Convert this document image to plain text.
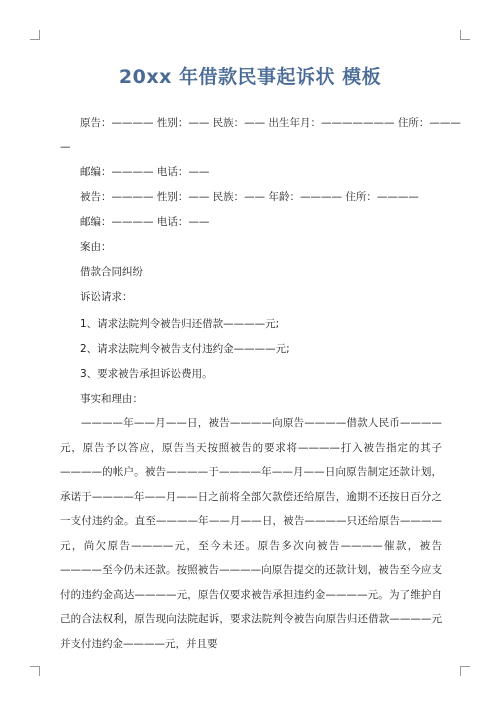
20xx 年借款民事起诉状 模板
原告：———— 性别：—— 民族：—— 出生年月：——————— 住所：———
—
邮编：———— 电话：——
被告：———— 性别：—— 民族：—— 年龄：———— 住所：————
邮编：———— 电话：——
案由：
借款合同纠纷
诉讼请求：
1、请求法院判令被告归还借款————元;
2、请求法院判令被告支付违约金————元;
3、要求被告承担诉讼费用。
事实和理由：
————年——月——日，被告————向原告————借款人民币————元，原告予以答应，原告当天按照被告的要求将————打入被告指定的其子————的帐户。被告————于————年——月——日向原告制定还款计划，承诺于————年——月——日之前将全部欠款偿还给原告，逾期不还按日百分之一支付违约金。直至————年——月——日，被告————只还给原告————元，尚欠原告————元，至今未还。原告多次向被告————催款，被告————至今仍未还款。按照被告————向原告提交的还款计划，被告至今应支付的违约金高达————元，原告仅要求被告承担违约金————元。为了维护自己的合法权利，原告现向法院起诉，要求法院判令被告向原告归还借款————元并支付违约金————元，并且要
